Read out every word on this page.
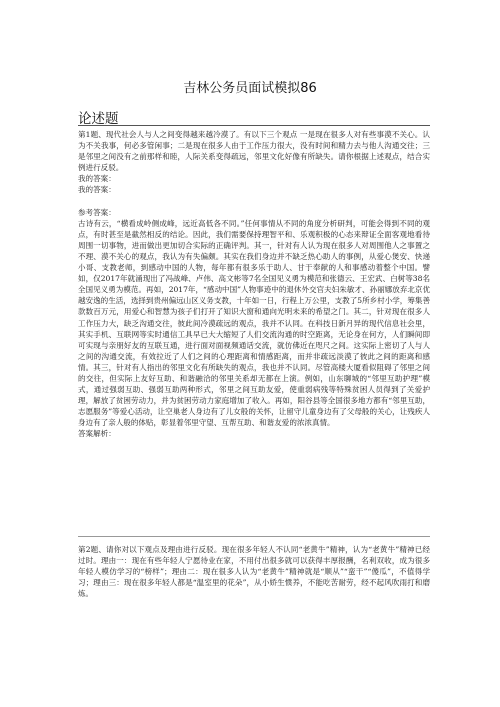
吉林公务员面试模拟86
论述题

第1题、现代社会人与人之间变得越来越冷漠了。有以下三个观点 一是现在很多人对有些事漠不关心。认为不关我事，何必多管闲事；二是现在很多人由于工作压力很大，没有时间和精力去与他人沟通交往；三是邻里之间没有之前那样和睦，人际关系变得疏远，邻里文化好像有所缺失。请你根据上述观点，结合实例进行反驳。

我的答案：

我的答案：

参考答案：

古诗有云，“横看成岭侧成峰，远近高低各不同。”任何事情从不同的角度分析研判，可能会得到不同的观点，有时甚至是截然相反的结论。因此，我们需要保持理智平和、乐观积极的心态来辩证全面客观地看待周围一切事物，进而做出更加切合实际的正确评判。其一，针对有人认为现在很多人对周围他人之事置之不理、漠不关心的观点，我认为有失偏颇。其实在我们身边并不缺乏热心助人的事例，从爱心煲安、快递小哥、支教老师，到感动中国的人物，每年都有很多乐于助人、甘于奉献的人和事感动着整个中国。譬如，仅2017年就涌现出了冯战峰、卢伟、高文彬等7名全国见义勇为模范和张德云、王宏武、白树等38名全国见义勇为模范。再如，2017年，“感动中国”人物事迹中的退休外交官夫妇朱敏才、孙丽娜放弃北京优越安逸的生活，选择到贵州偏远山区义务支教，十年如一日，行程上万公里，支教了5所乡村小学，筹集善款数百万元，用爱心和智慧为孩子们打开了知识大窗和通向光明未来的希望之门。其二，针对现在很多人工作压力大，缺乏沟通交往，彼此间冷漠疏远的观点，我并不认同。在科技日新月异的现代信息社会里，其实手机、互联网等实时通信工具早已大大缩短了人们交流沟通的时空距离，无论身在何方，人们瞬间即可实现与亲朋好友的互联互通，进行面对面视频通话交流，就仿佛近在咫尺之间。这实际上密切了人与人之间的沟通交流，有效拉近了人们之间的心理距离和情感距离，而并非疏远淡漠了彼此之间的距离和感情。其三，针对有人指出的邻里文化有所缺失的观点，我也并不认同。尽管高楼大厦看似阻碍了邻里之间的交往，但实际上友好互助、和谐融洽的邻里关系却无都在上演。例如，山东聊城的“邻里互助护理”模式，通过强弱互助、强弱互助两种形式，邻里之间互助友爱，使重弱病残等特殊贫困人员得到了关爱护理，解放了贫困劳动力，并为贫困劳动力家庭增加了收入。再如，阳谷县等全国很多地方都有“邻里互助，志愿服务”等爱心活动，让空巢老人身边有了儿女般的关怀，让留守儿童身边有了父母般的关心，让残疾人身边有了亲人般的体贴，彰显着邻里守望、互帮互助、和谐友爱的浓浓真情。

答案解析：

第2题、请你对以下观点及理由进行反驳。现在很多年轻人不认同“老黄牛”精神，认为“老黄牛”精神已经过时。理由一：现在有些年轻人宁愿待业在家，不用付出很多就可以获得丰厚报酬，名利双收，成为很多年轻人模仿学习的“榜样”；理由二：现在很多人认为“老黄牛”精神就是“顺从”“蛮干”“傻瓜”，不值得学习；理由三：现在很多年轻人都是“温室里的花朵”，从小娇生惯养，不能吃苦耐劳，经不起风吹雨打和磨炼。
